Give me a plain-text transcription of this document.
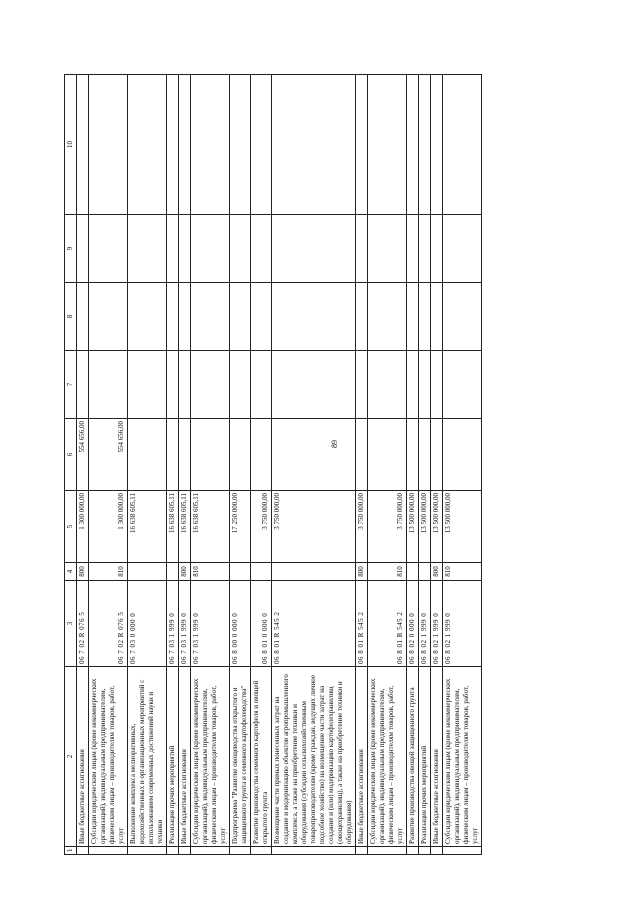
89
1	2	3	4	5	6	7	8	9	10
	Иные бюджетные ассигнования	06 7 02 R 076 5	800	1 300 000,00	554 656,00				
	Субсидии юридическим лицам (кроме некоммерческих организаций), индивидуальным предпринимателям, физическим лицам – производителям товаров, работ, услуг	06 7 02 R 076 5	810	1 300 000,00	554 656,00				
	Выполнение комплекса мелиоративных, водохозяйственных и организационных мероприятий с использованием современных достижений науки и техники	06 7 03 0 000 0		16 638 605,11					
	Реализация прочих мероприятий	06 7 03 1 999 0		16 638 605,11					
	Иные бюджетные ассигнования	06 7 03 1 999 0	800	16 638 605,11					
	Субсидии юридическим лицам (кроме некоммерческих организаций), индивидуальным предпринимателям, физическим лицам – производителям товаров, работ, услуг	06 7 03 1 999 0	810	16 638 605,11					
	Подпрограмма "Развитие овощеводства открытого и защищенного грунта и семенного картофелеводства"	06 8 00 0 000 0		17 250 000,00					
	Развитие производства семенного картофеля и овощей открытого грунта	06 8 01 0 000 0		3 750 000,00					
	Возмещение части прямых понесенных затрат на создание и модернизацию объектов агропромышленного комплекса, а также на приобретение техники и оборудования (субсидии сельскохозяйственным товаропроизводителям (кроме граждан, ведущих личное подсобное хозяйство) на возмещение части затрат на создание и (или) модернизацию картофелехранилищ (овощехранилищ), а также на приобретение техники и оборудования)	06 8 01 R 545 2		3 750 000,00					
	Иные бюджетные ассигнования	06 8 01 R 545 2	800	3 750 000,00					
	Субсидии юридическим лицам (кроме некоммерческих организаций), индивидуальным предпринимателям, физическим лицам – производителям товаров, работ, услуг	06 8 01 R 545 2	810	3 750 000,00					
	Развитие производства овощей защищенного грунта	06 8 02 0 000 0		13 500 000,00					
	Реализация прочих мероприятий	06 8 02 1 999 0		13 500 000,00					
	Иные бюджетные ассигнования	06 8 02 1 999 0	800	13 500 000,00					
	Субсидии юридическим лицам (кроме некоммерческих организаций), индивидуальным предпринимателям, физическим лицам – производителям товаров, работ, услуг	06 8 02 1 999 0	810	13 500 000,00					
